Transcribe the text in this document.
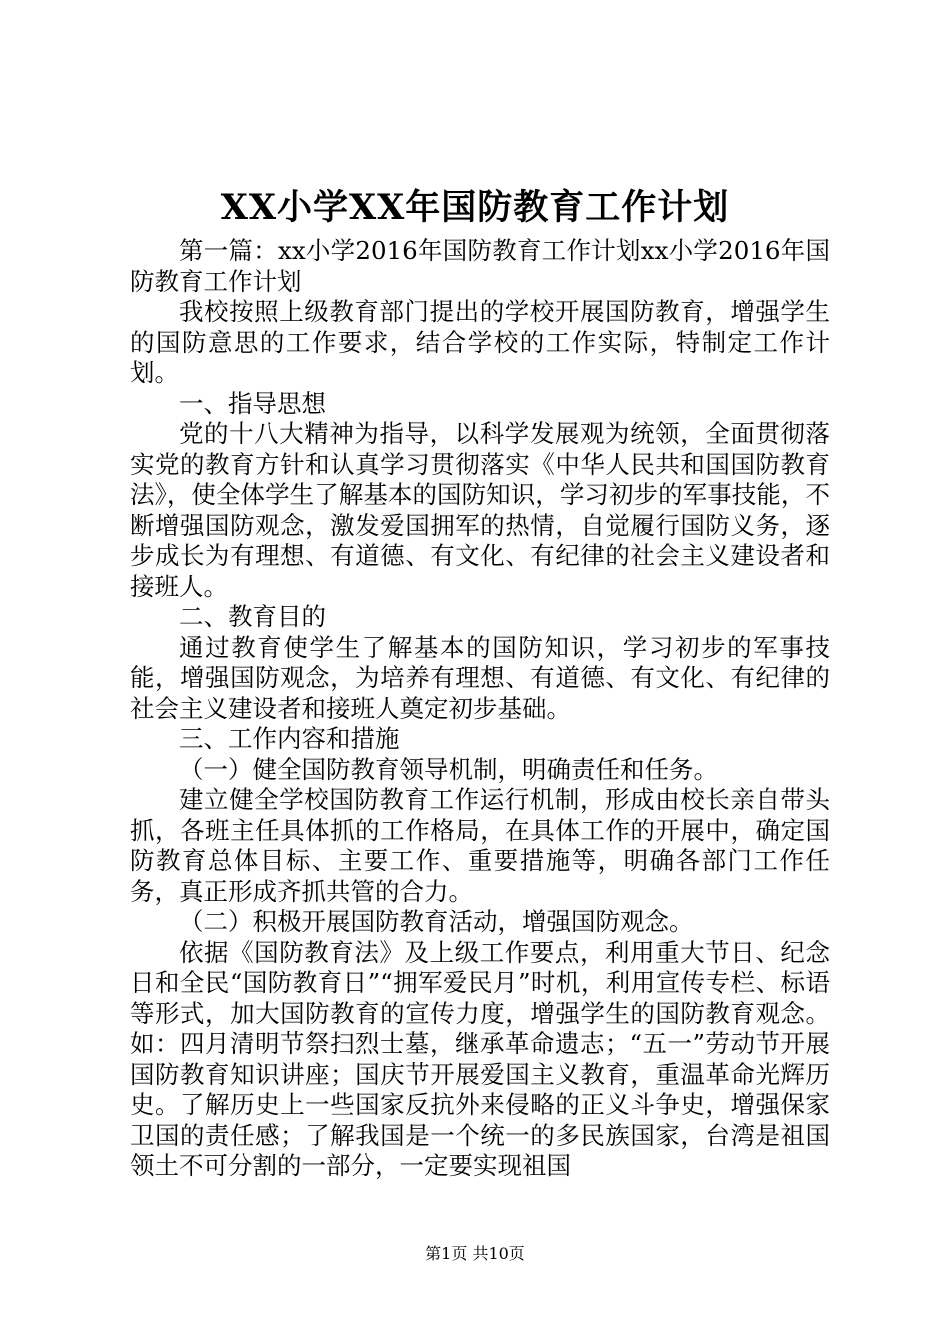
XX小学XX年国防教育工作计划

第一篇：xx小学2016年国防教育工作计划xx小学2016年国防教育工作计划

我校按照上级教育部门提出的学校开展国防教育，增强学生的国防意思的工作要求，结合学校的工作实际，特制定工作计划。

一、指导思想

党的十八大精神为指导，以科学发展观为统领，全面贯彻落实党的教育方针和认真学习贯彻落实《中华人民共和国国防教育法》，使全体学生了解基本的国防知识，学习初步的军事技能，不断增强国防观念，激发爱国拥军的热情，自觉履行国防义务，逐步成长为有理想、有道德、有文化、有纪律的社会主义建设者和接班人。

二、教育目的

通过教育使学生了解基本的国防知识，学习初步的军事技能，增强国防观念，为培养有理想、有道德、有文化、有纪律的社会主义建设者和接班人奠定初步基础。

三、工作内容和措施

（一）健全国防教育领导机制，明确责任和任务。

建立健全学校国防教育工作运行机制，形成由校长亲自带头抓，各班主任具体抓的工作格局，在具体工作的开展中，确定国防教育总体目标、主要工作、重要措施等，明确各部门工作任务，真正形成齐抓共管的合力。

（二）积极开展国防教育活动，增强国防观念。

依据《国防教育法》及上级工作要点，利用重大节日、纪念日和全民“国防教育日”“拥军爱民月”时机，利用宣传专栏、标语等形式，加大国防教育的宣传力度，增强学生的国防教育观念。如：四月清明节祭扫烈士墓，继承革命遗志；“五一”劳动节开展国防教育知识讲座；国庆节开展爱国主义教育，重温革命光辉历史。了解历史上一些国家反抗外来侵略的正义斗争史，增强保家卫国的责任感；了解我国是一个统一的多民族国家，台湾是祖国领土不可分割的一部分，一定要实现祖国

第1页 共10页
